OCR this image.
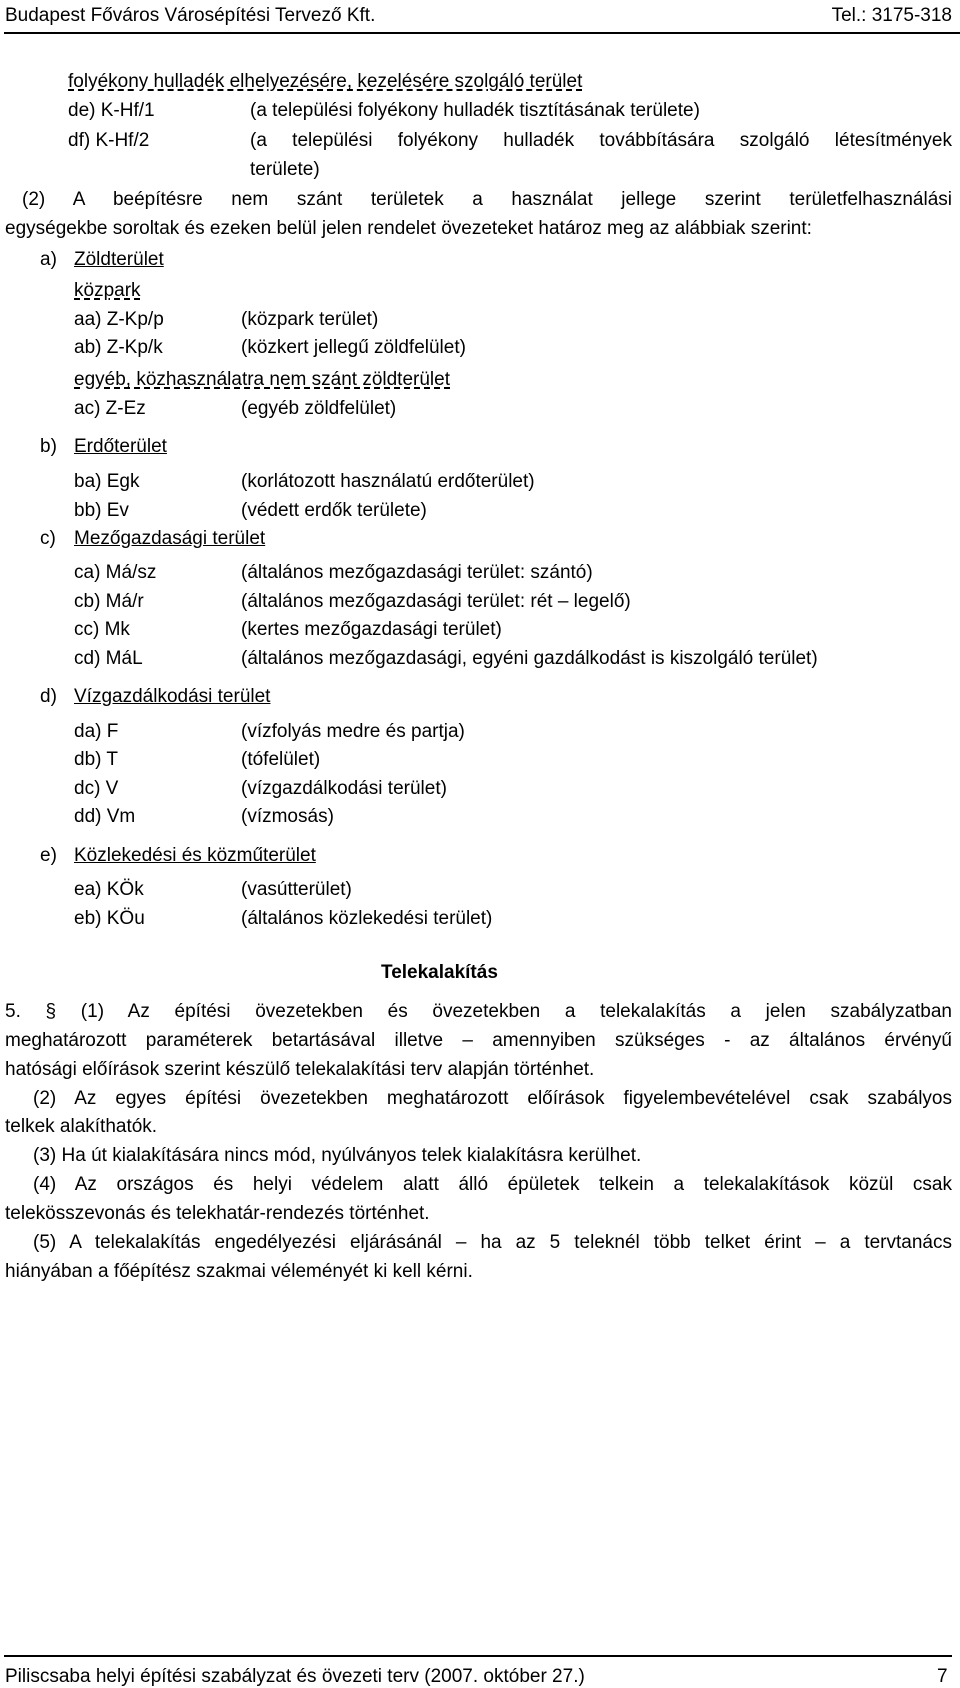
Budapest Főváros Városépítési Tervező Kft.	Tel.: 3175-318
folyékony hulladék elhelyezésére, kezelésére szolgáló terület
de) K-Hf/1	(a települési folyékony hulladék tisztításának területe)
df) K-Hf/2	(a települési folyékony hulladék továbbítására szolgáló létesítmények
területe)
(2) A beépítésre nem szánt területek a használat jellege szerint területfelhasználási
egységekbe soroltak és ezeken belül jelen rendelet övezeteket határoz meg az alábbiak szerint:
a) Zöldterület
közpark
aa) Z-Kp/p	(közpark terület)
ab) Z-Kp/k	(közkert jellegű zöldfelület)
egyéb, közhasználatra nem szánt zöldterület
ac) Z-Ez	(egyéb zöldfelület)
b) Erdőterület
ba) Egk	(korlátozott használatú erdőterület)
bb) Ev	(védett erdők területe)
c) Mezőgazdasági terület
ca) Má/sz	(általános mezőgazdasági terület: szántó)
cb) Má/r	(általános mezőgazdasági terület: rét – legelő)
cc) Mk	(kertes mezőgazdasági terület)
cd) MáL	(általános mezőgazdasági, egyéni gazdálkodást is kiszolgáló terület)
d) Vízgazdálkodási terület
da) F	(vízfolyás medre és partja)
db) T	(tófelület)
dc) V	(vízgazdálkodási terület)
dd) Vm	(vízmosás)
e) Közlekedési és közműterület
ea) KÖk	(vasútterület)
eb) KÖu	(általános közlekedési terület)
Telekalakítás
5. § (1) Az építési övezetekben és övezetekben a telekalakítás a jelen szabályzatban
meghatározott paraméterek betartásával illetve – amennyiben szükséges - az általános érvényű
hatósági előírások szerint készülő telekalakítási terv alapján történhet.
(2) Az egyes építési övezetekben meghatározott előírások figyelembevételével csak szabályos
telkek alakíthatók.
(3) Ha út kialakítására nincs mód, nyúlványos telek kialakításra kerülhet.
(4) Az országos és helyi védelem alatt álló épületek telkein a telekalakítások közül csak
telekösszevonás és telekhatár-rendezés történhet.
(5) A telekalakítás engedélyezési eljárásánál – ha az 5 teleknél több telket érint – a tervtanács
hiányában a főépítész szakmai véleményét ki kell kérni.
Piliscsaba helyi építési szabályzat és övezeti terv (2007. október 27.)	7
